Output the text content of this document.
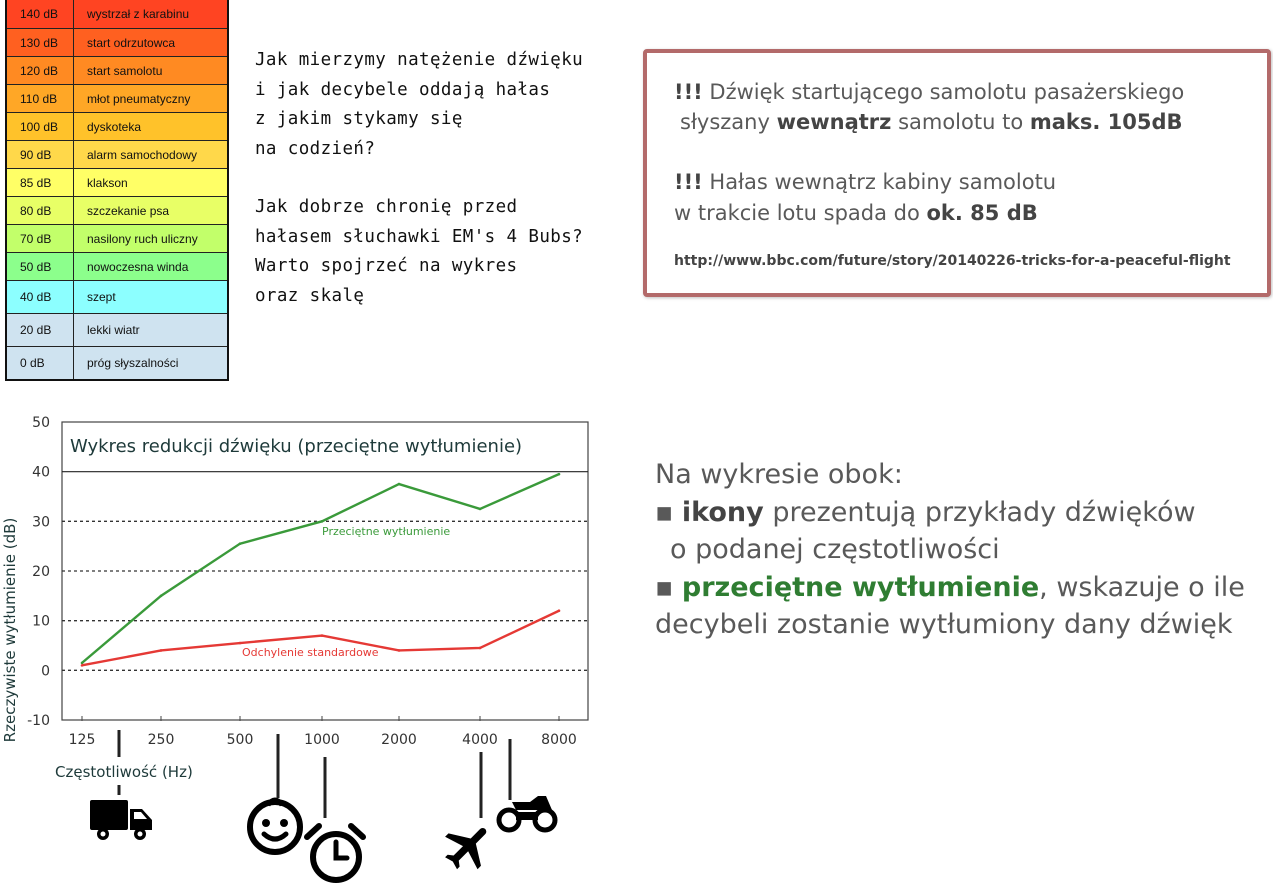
140 dB	wystrzał z karabinu
130 dB	start odrzutowca
120 dB	start samolotu
110 dB	młot pneumatyczny
100 dB	dyskoteka
90 dB	alarm samochodowy
85 dB	klakson
80 dB	szczekanie psa
70 dB	nasilony ruch uliczny
50 dB	nowoczesna winda
40 dB	szept
20 dB	lekki wiatr
0 dB	próg słyszalności
Jak mierzymy natężenie dźwięku
i jak decybele oddają hałas
z jakim stykamy się
na codzień?
Jak dobrze chronię przed
hałasem słuchawki EM's 4 Bubs?
Warto spojrzeć na wykres
oraz skalę
!!! Dźwięk startującego samolotu pasażerskiego
słyszany wewnątrz samolotu to maks. 105dB
!!! Hałas wewnątrz kabiny samolotu
w trakcie lotu spada do ok. 85 dB
http://www.bbc.com/future/story/20140226-tricks-for-a-peaceful-flight
Na wykresie obok:
▪ ikony prezentują przykłady dźwięków
o podanej częstotliwości
▪ przeciętne wytłumienie, wskazuje o ile
decybeli zostanie wytłumiony dany dźwięk
50
40
30
20
10
0
-10
125	250	500	1000	2000	4000	8000
Przeciętne wytłumienie
Odchylenie standardowe
Wykres redukcji dźwięku (przeciętne wytłumienie)
Częstotliwość (Hz)
Rzeczywiste wytłumienie (dB)
